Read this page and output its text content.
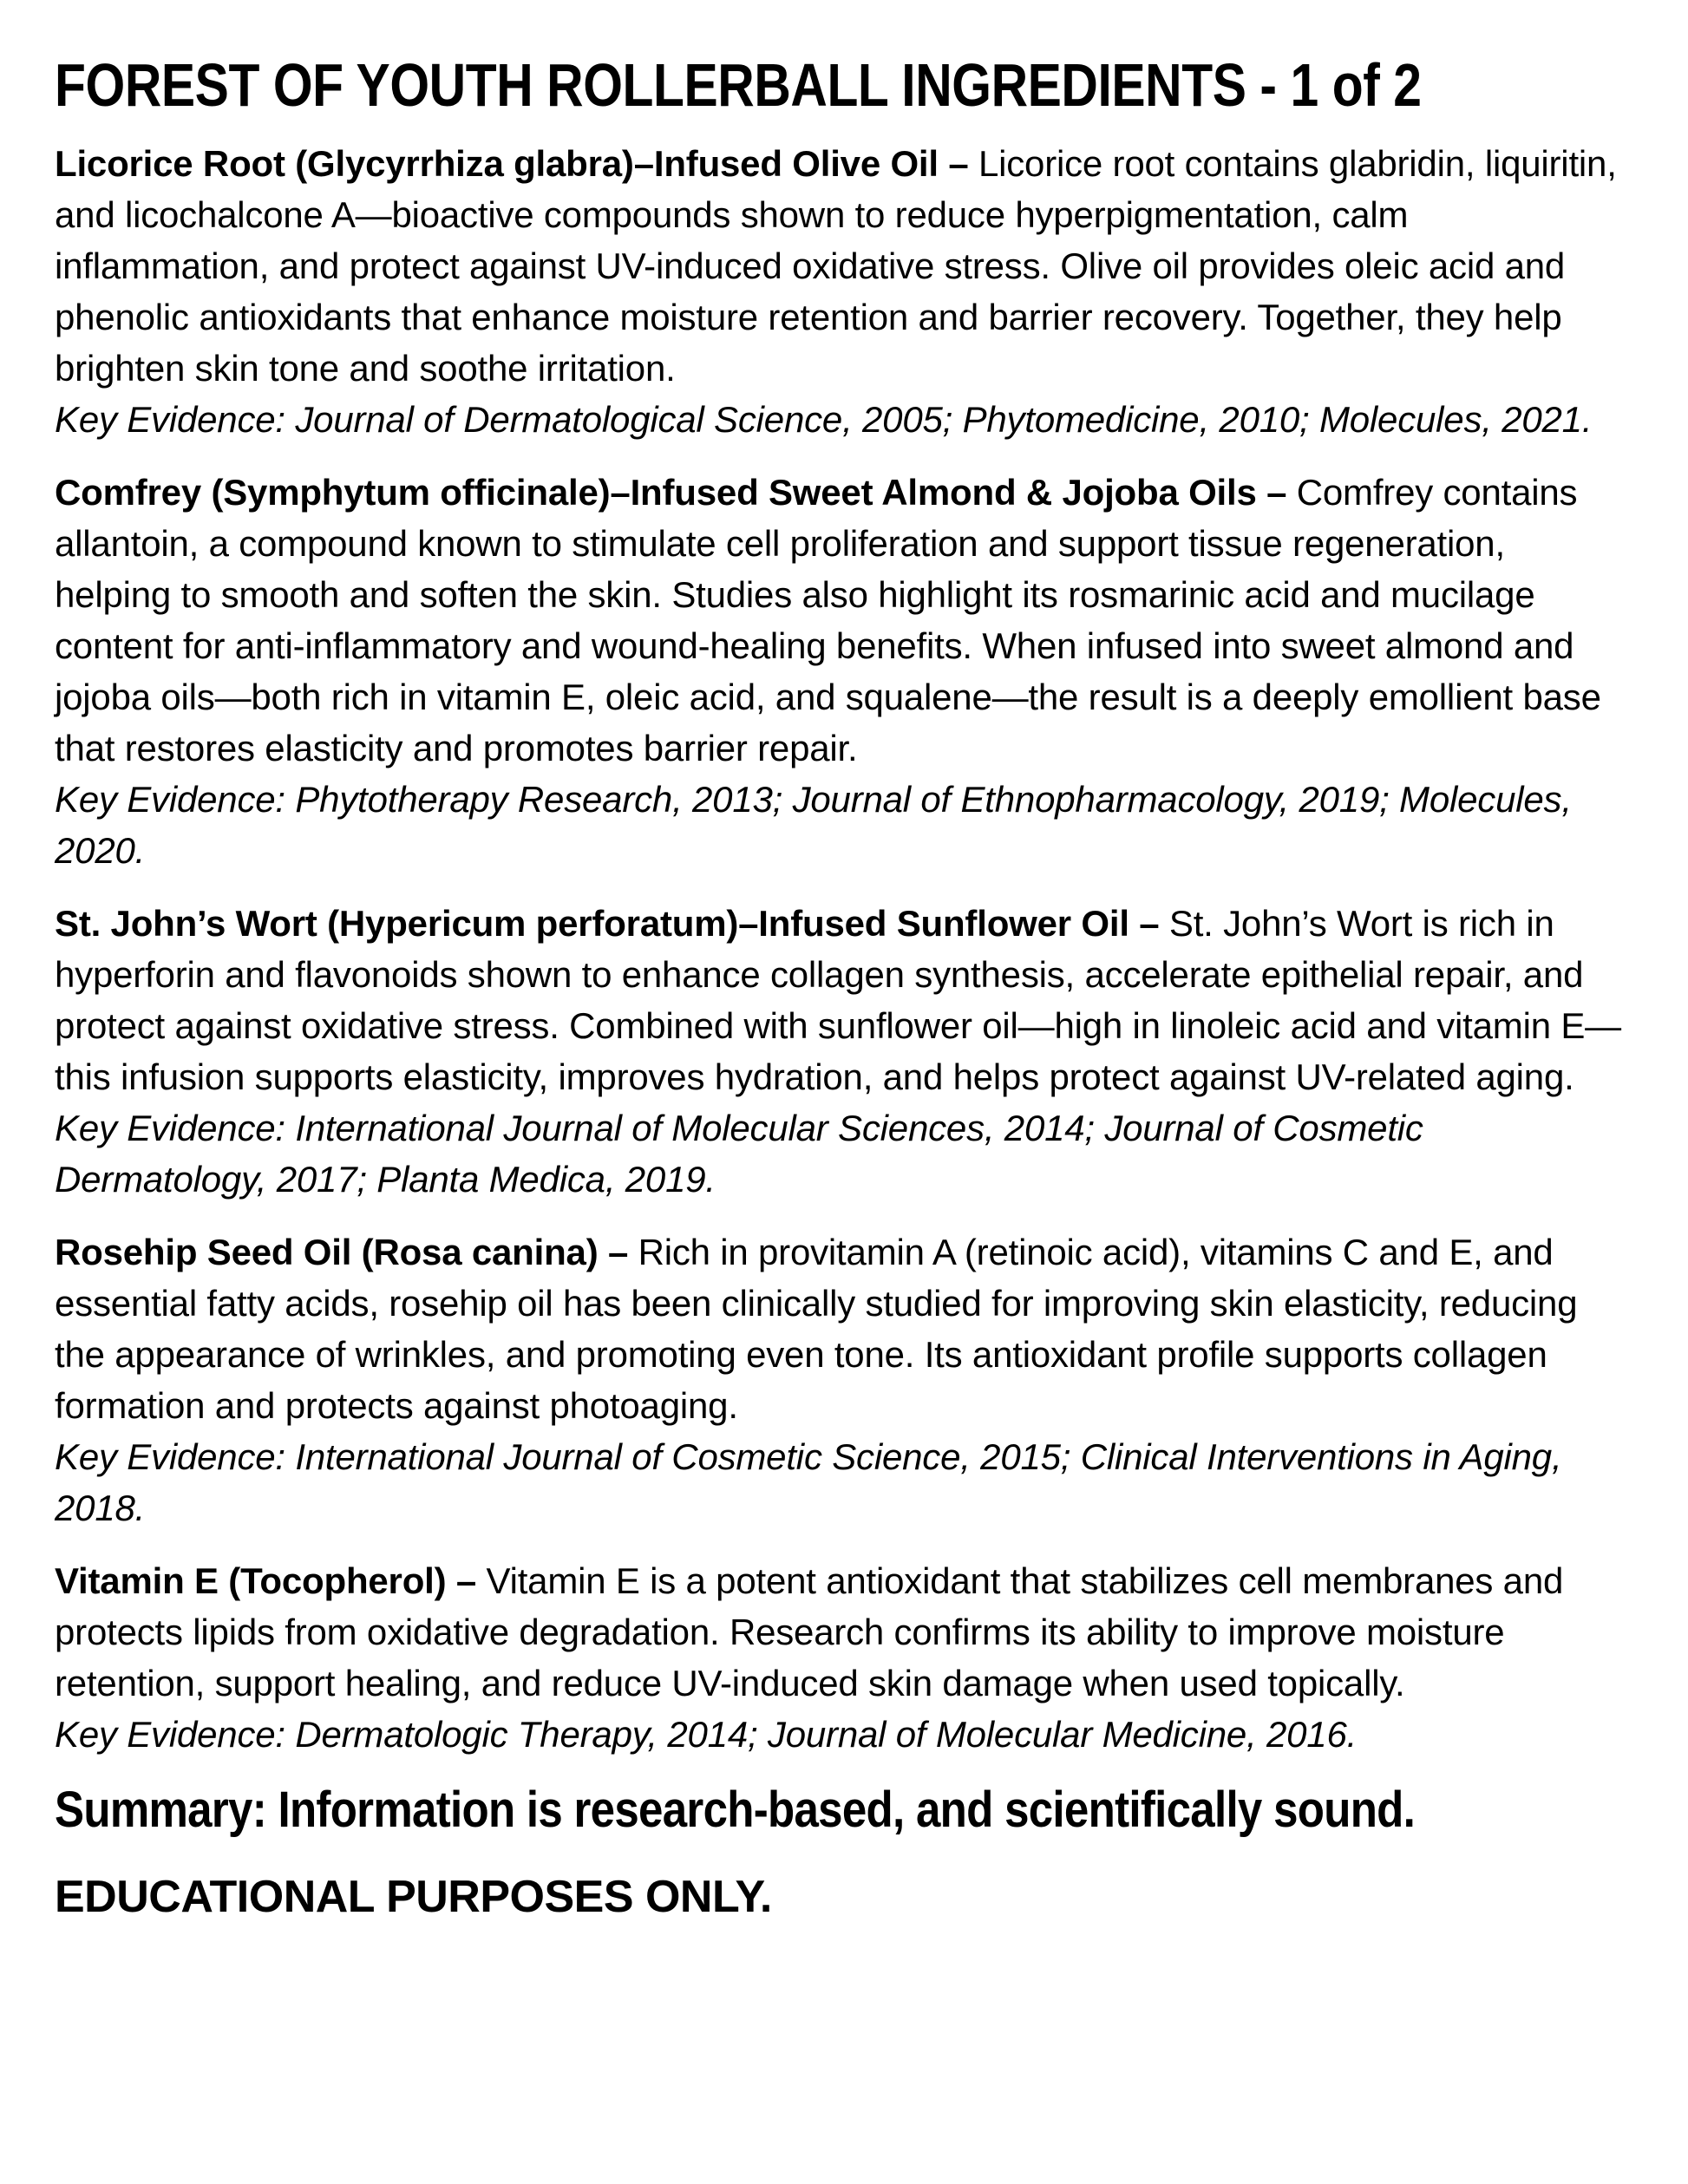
FOREST OF YOUTH ROLLERBALL INGREDIENTS - 1 of 2

Licorice Root (Glycyrrhiza glabra)–Infused Olive Oil – Licorice root contains glabridin, liquiritin, and licochalcone A—bioactive compounds shown to reduce hyperpigmentation, calm inflammation, and protect against UV-induced oxidative stress. Olive oil provides oleic acid and phenolic antioxidants that enhance moisture retention and barrier recovery. Together, they help brighten skin tone and soothe irritation.

Key Evidence: Journal of Dermatological Science, 2005; Phytomedicine, 2010; Molecules, 2021.

Comfrey (Symphytum officinale)–Infused Sweet Almond & Jojoba Oils – Comfrey contains allantoin, a compound known to stimulate cell proliferation and support tissue regeneration, helping to smooth and soften the skin. Studies also highlight its rosmarinic acid and mucilage content for anti-inflammatory and wound-healing benefits. When infused into sweet almond and jojoba oils—both rich in vitamin E, oleic acid, and squalene—the result is a deeply emollient base that restores elasticity and promotes barrier repair.

Key Evidence: Phytotherapy Research, 2013; Journal of Ethnopharmacology, 2019; Molecules, 2020.

St. John’s Wort (Hypericum perforatum)–Infused Sunflower Oil – St. John’s Wort is rich in hyperforin and flavonoids shown to enhance collagen synthesis, accelerate epithelial repair, and protect against oxidative stress. Combined with sunflower oil—high in linoleic acid and vitamin E—this infusion supports elasticity, improves hydration, and helps protect against UV-related aging.

Key Evidence: International Journal of Molecular Sciences, 2014; Journal of Cosmetic Dermatology, 2017; Planta Medica, 2019.

Rosehip Seed Oil (Rosa canina) – Rich in provitamin A (retinoic acid), vitamins C and E, and essential fatty acids, rosehip oil has been clinically studied for improving skin elasticity, reducing the appearance of wrinkles, and promoting even tone. Its antioxidant profile supports collagen formation and protects against photoaging.

Key Evidence: International Journal of Cosmetic Science, 2015; Clinical Interventions in Aging, 2018.

Vitamin E (Tocopherol) – Vitamin E is a potent antioxidant that stabilizes cell membranes and protects lipids from oxidative degradation. Research confirms its ability to improve moisture retention, support healing, and reduce UV-induced skin damage when used topically.

Key Evidence: Dermatologic Therapy, 2014; Journal of Molecular Medicine, 2016.

Summary: Information is research-based, and scientifically sound.

EDUCATIONAL PURPOSES ONLY.
